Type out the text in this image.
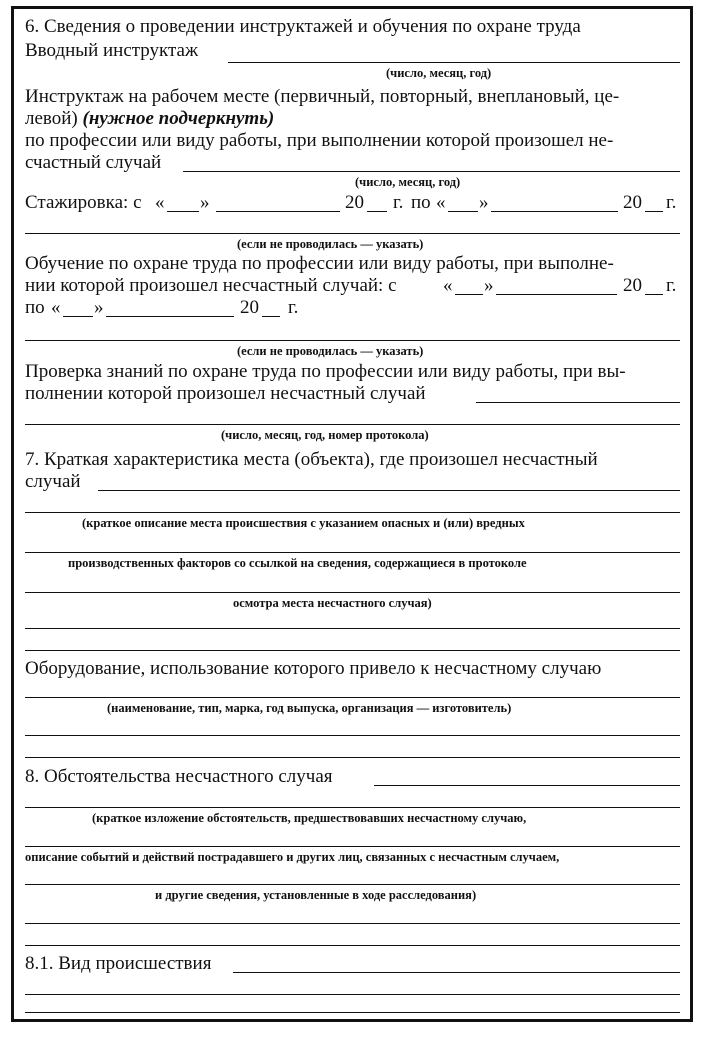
6. Сведения о проведении инструктажей и обучения по охране труда
Вводный инструктаж
(число, месяц, год)
Инструктаж на рабочем месте (первичный, повторный, внеплановый, це-
левой) (нужное подчеркнуть)
по профессии или виду работы, при выполнении которой произошел не-
счастный случай
(число, месяц, год)
Стажировка: с « »	20 г. по « »	20 г.
(если не проводилась — указать)
Обучение по охране труда по профессии или виду работы, при выполне-
нии которой произошел несчастный случай: с « »	20 г.
по « »	20 г.
(если не проводилась — указать)
Проверка знаний по охране труда по профессии или виду работы, при вы-
полнении которой произошел несчастный случай
(число, месяц, год, номер протокола)
7. Краткая характеристика места (объекта), где произошел несчастный
случай
(краткое описание места происшествия с указанием опасных и (или) вредных
производственных факторов со ссылкой на сведения, содержащиеся в протоколе
осмотра места несчастного случая)
Оборудование, использование которого привело к несчастному случаю
(наименование, тип, марка, год выпуска, организация — изготовитель)
8. Обстоятельства несчастного случая
(краткое изложение обстоятельств, предшествовавших несчастному случаю,
описание событий и действий пострадавшего и других лиц, связанных с несчастным случаем,
и другие сведения, установленные в ходе расследования)
8.1. Вид происшествия
